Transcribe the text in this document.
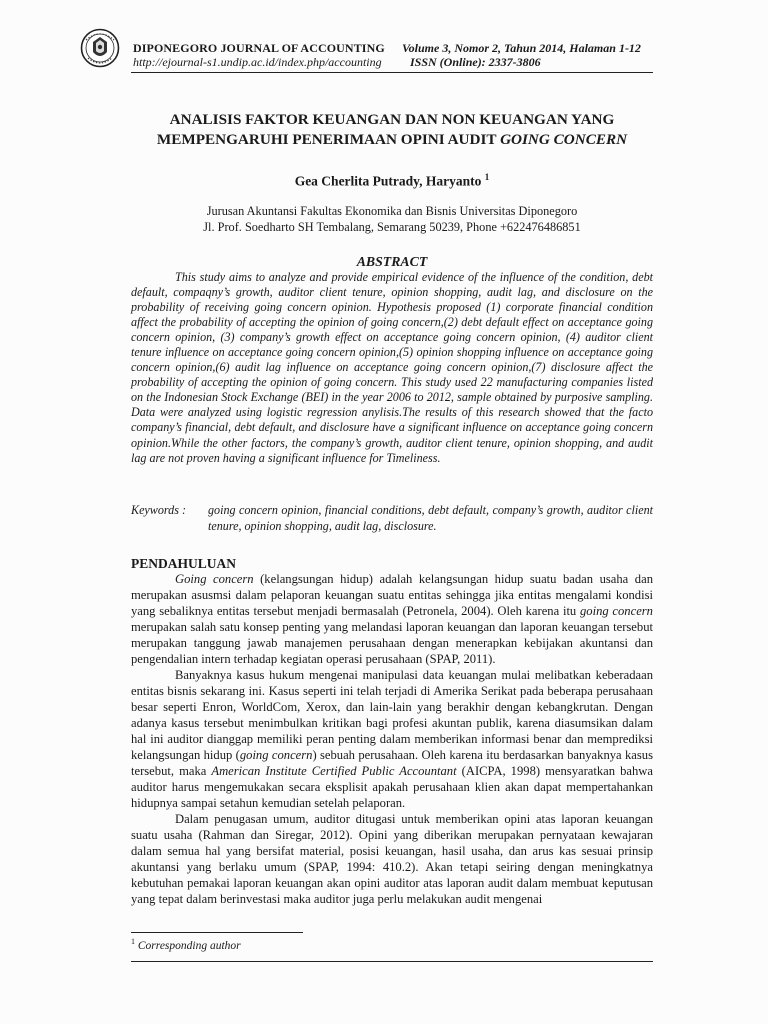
DIPONEGORO JOURNAL OF ACCOUNTING
http://ejournal-s1.undip.ac.id/index.php/accounting
Volume 3, Nomor 2, Tahun 2014, Halaman 1-12
ISSN (Online): 2337-3806
ANALISIS FAKTOR KEUANGAN DAN NON KEUANGAN YANG
MEMPENGARUHI PENERIMAAN OPINI AUDIT GOING CONCERN
Gea Cherlita Putrady, Haryanto $^1$
Jurusan Akuntansi Fakultas Ekonomika dan Bisnis Universitas Diponegoro
Jl. Prof. Soedharto SH Tembalang, Semarang 50239, Phone +622476486851
ABSTRACT

This study aims to analyze and provide empirical evidence of the influence of the condition, debt default, compaqny’s growth, auditor client tenure, opinion shopping, audit lag, and disclosure on the probability of receiving going concern opinion. Hypothesis proposed (1) corporate financial condition affect the probability of accepting the opinion of going concern,(2) debt default effect on acceptance going concern opinion, (3) company’s growth effect on acceptance going concern opinion, (4) auditor client tenure influence on acceptance going concern opinion,(5) opinion shopping influence on acceptance going concern opinion,(6) audit lag influence on acceptance going concern opinion,(7) disclosure affect the probability of accepting the opinion of going concern. This study used 22 manufacturing companies listed on the Indonesian Stock Exchange (BEI) in the year 2006 to 2012, sample obtained by purposive sampling. Data were analyzed using logistic regression anylisis.The results of this research showed that the facto company’s financial, debt default, and disclosure have a significant influence on acceptance going concern opinion.While the other factors, the company’s growth, auditor client tenure, opinion shopping, and audit lag are not proven having a significant influence for Timeliness.

Keywords : going concern opinion, financial conditions, debt default, company’s growth, auditor client tenure, opinion shopping, audit lag, disclosure.

PENDAHULUAN

Going concern (kelangsungan hidup) adalah kelangsungan hidup suatu badan usaha dan merupakan asusmsi dalam pelaporan keuangan suatu entitas sehingga jika entitas mengalami kondisi yang sebaliknya entitas tersebut menjadi bermasalah (Petronela, 2004). Oleh karena itu going concern merupakan salah satu konsep penting yang melandasi laporan keuangan dan laporan keuangan tersebut merupakan tanggung jawab manajemen perusahaan dengan menerapkan kebijakan akuntansi dan pengendalian intern terhadap kegiatan operasi perusahaan (SPAP, 2011).

Banyaknya kasus hukum mengenai manipulasi data keuangan mulai melibatkan keberadaan entitas bisnis sekarang ini. Kasus seperti ini telah terjadi di Amerika Serikat pada beberapa perusahaan besar seperti Enron, WorldCom, Xerox, dan lain-lain yang berakhir dengan kebangkrutan. Dengan adanya kasus tersebut menimbulkan kritikan bagi profesi akuntan publik, karena diasumsikan dalam hal ini auditor dianggap memiliki peran penting dalam memberikan informasi benar dan memprediksi kelangsungan hidup (going concern) sebuah perusahaan. Oleh karena itu berdasarkan banyaknya kasus tersebut, maka American Institute Certified Public Accountant (AICPA, 1998) mensyaratkan bahwa auditor harus mengemukakan secara eksplisit apakah perusahaan klien akan dapat mempertahankan hidupnya sampai setahun kemudian setelah pelaporan.

Dalam penugasan umum, auditor ditugasi untuk memberikan opini atas laporan keuangan suatu usaha (Rahman dan Siregar, 2012). Opini yang diberikan merupakan pernyataan kewajaran dalam semua hal yang bersifat material, posisi keuangan, hasil usaha, dan arus kas sesuai prinsip akuntansi yang berlaku umum (SPAP, 1994: 410.2). Akan tetapi seiring dengan meningkatnya kebutuhan pemakai laporan keuangan akan opini auditor atas laporan audit dalam membuat keputusan yang tepat dalam berinvestasi maka auditor juga perlu melakukan audit mengenai

$^1$ Corresponding author
